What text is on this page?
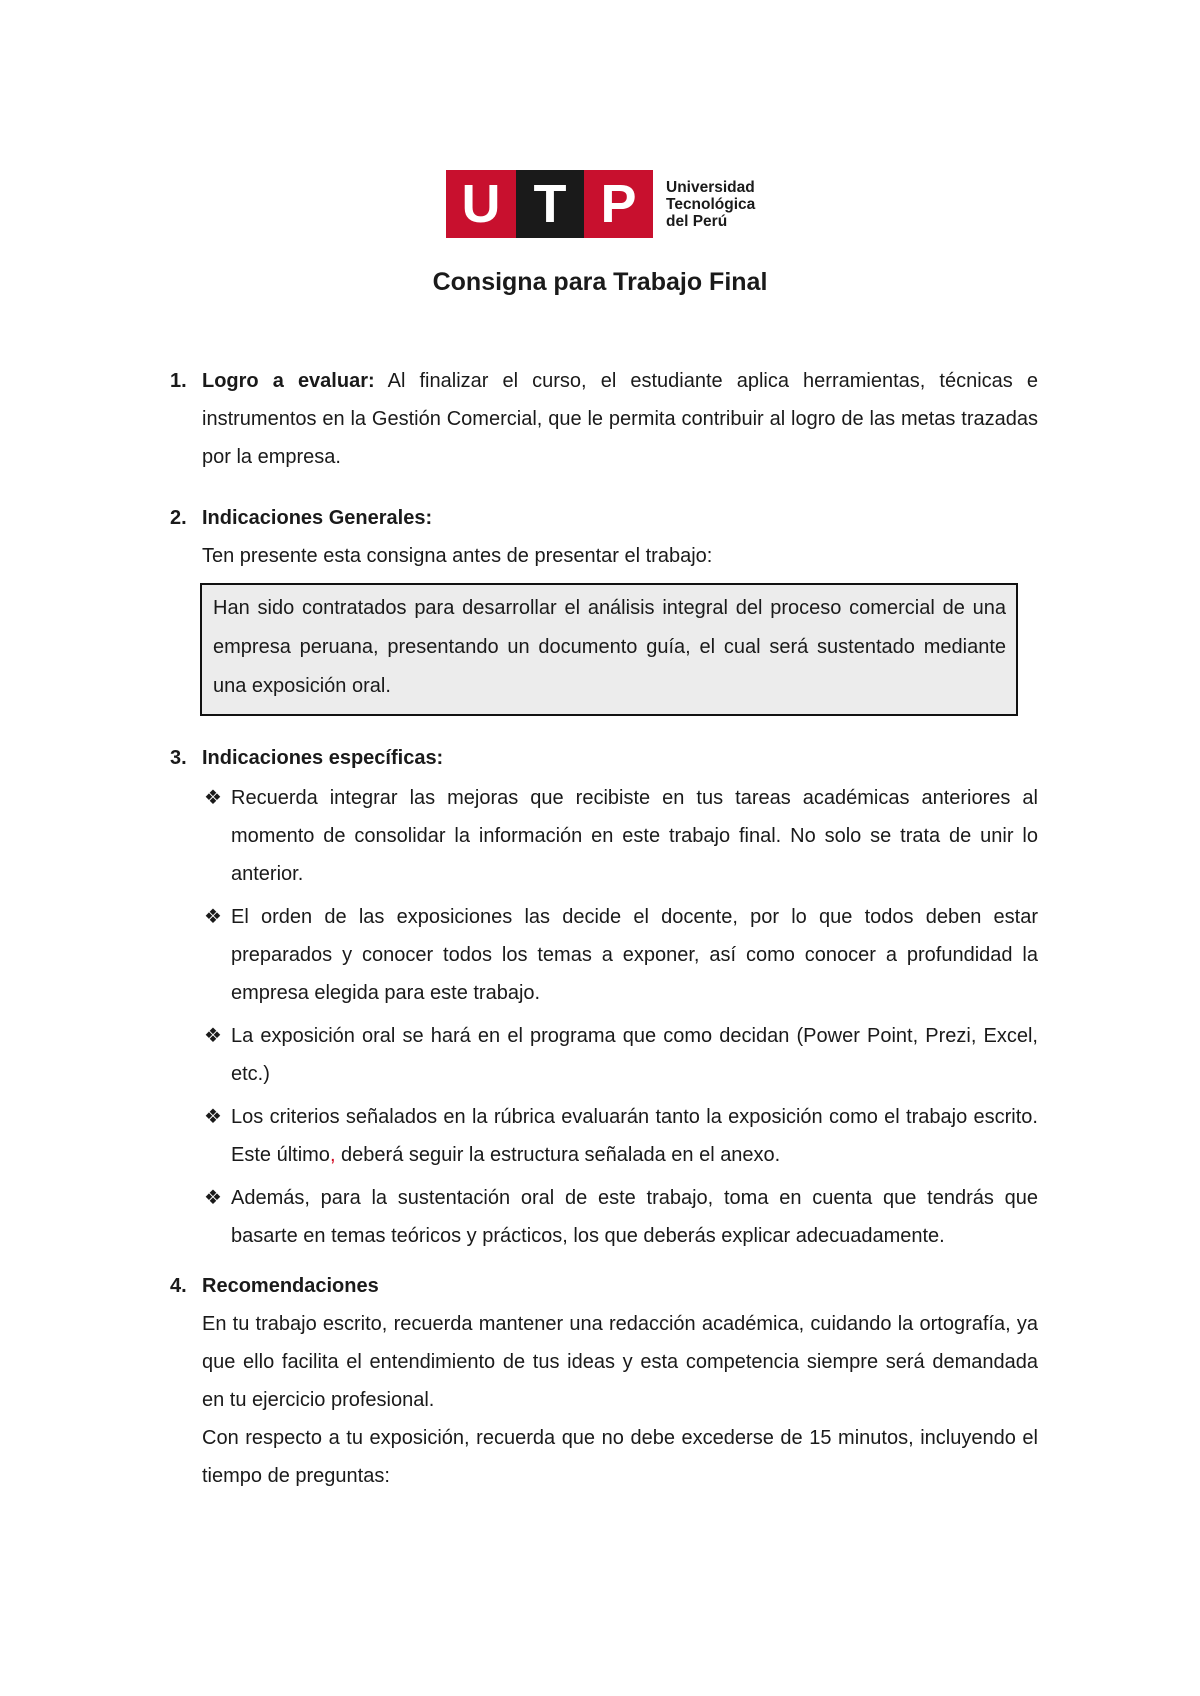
U T P	Universidad
Tecnológica
del Perú
Consigna para Trabajo Final
1. Logro a evaluar: Al finalizar el curso, el estudiante aplica herramientas, técnicas e instrumentos en la Gestión Comercial, que le permita contribuir al logro de las metas trazadas por la empresa.

2. Indicaciones Generales:

Ten presente esta consigna antes de presentar el trabajo:

Han sido contratados para desarrollar el análisis integral del proceso comercial de una empresa peruana, presentando un documento guía, el cual será sustentado mediante una exposición oral.

3. Indicaciones específicas:

❖ Recuerda integrar las mejoras que recibiste en tus tareas académicas anteriores al momento de consolidar la información en este trabajo final. No solo se trata de unir lo anterior.
❖ El orden de las exposiciones las decide el docente, por lo que todos deben estar preparados y conocer todos los temas a exponer, así como conocer a profundidad la empresa elegida para este trabajo.
❖ La exposición oral se hará en el programa que como decidan (Power Point, Prezi, Excel, etc.)
❖ Los criterios señalados en la rúbrica evaluarán tanto la exposición como el trabajo escrito. Este último, deberá seguir la estructura señalada en el anexo.
❖ Además, para la sustentación oral de este trabajo, toma en cuenta que tendrás que basarte en temas teóricos y prácticos, los que deberás explicar adecuadamente.
4. Recomendaciones

En tu trabajo escrito, recuerda mantener una redacción académica, cuidando la ortografía, ya que ello facilita el entendimiento de tus ideas y esta competencia siempre será demandada en tu ejercicio profesional.

Con respecto a tu exposición, recuerda que no debe excederse de 15 minutos, incluyendo el tiempo de preguntas:
